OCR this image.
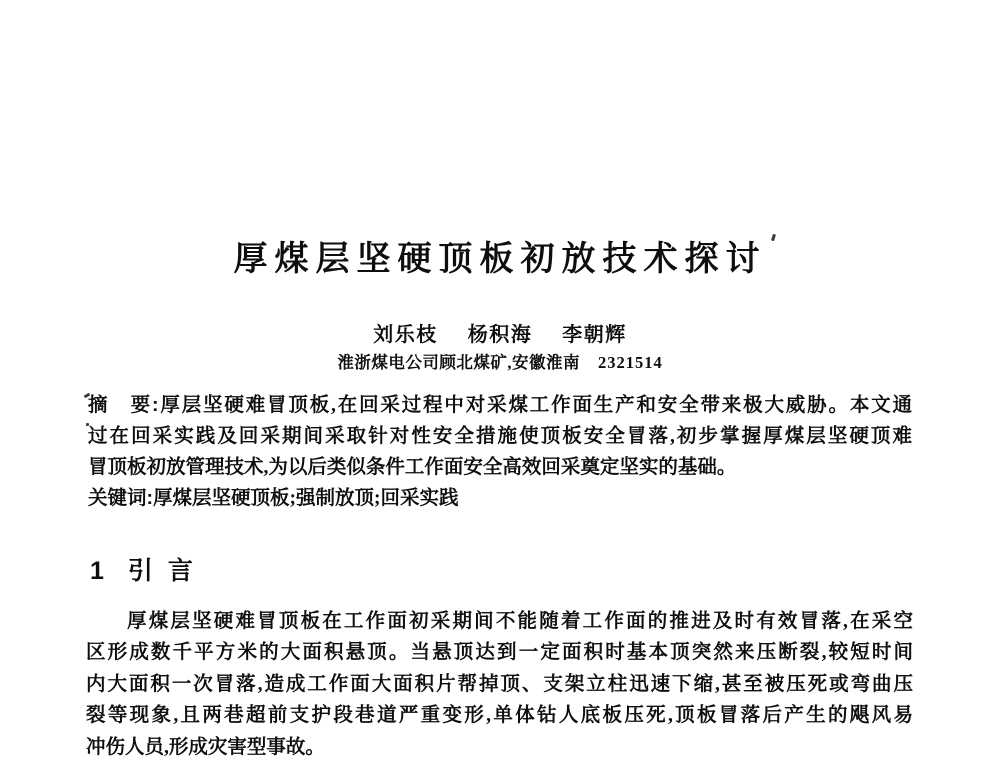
厚煤层坚硬顶板初放技术探讨
刘乐枝 杨积海 李朝辉
淮浙煤电公司顾北煤矿,安徽淮南 2321514
摘　要:厚层坚硬难冒顶板,在回采过程中对采煤工作面生产和安全带来极大威胁。本文通
过在回采实践及回采期间采取针对性安全措施使顶板安全冒落,初步掌握厚煤层坚硬顶难
冒顶板初放管理技术,为以后类似条件工作面安全高效回采奠定坚实的基础。
关键词:厚煤层坚硬顶板;强制放顶;回采实践
1 引言
厚煤层坚硬难冒顶板在工作面初采期间不能随着工作面的推进及时有效冒落,在采空
区形成数千平方米的大面积悬顶。当悬顶达到一定面积时基本顶突然来压断裂,较短时间
内大面积一次冒落,造成工作面大面积片帮掉顶、支架立柱迅速下缩,甚至被压死或弯曲压
裂等现象,且两巷超前支护段巷道严重变形,单体钻人底板压死,顶板冒落后产生的飓风易
冲伤人员,形成灾害型事故。
